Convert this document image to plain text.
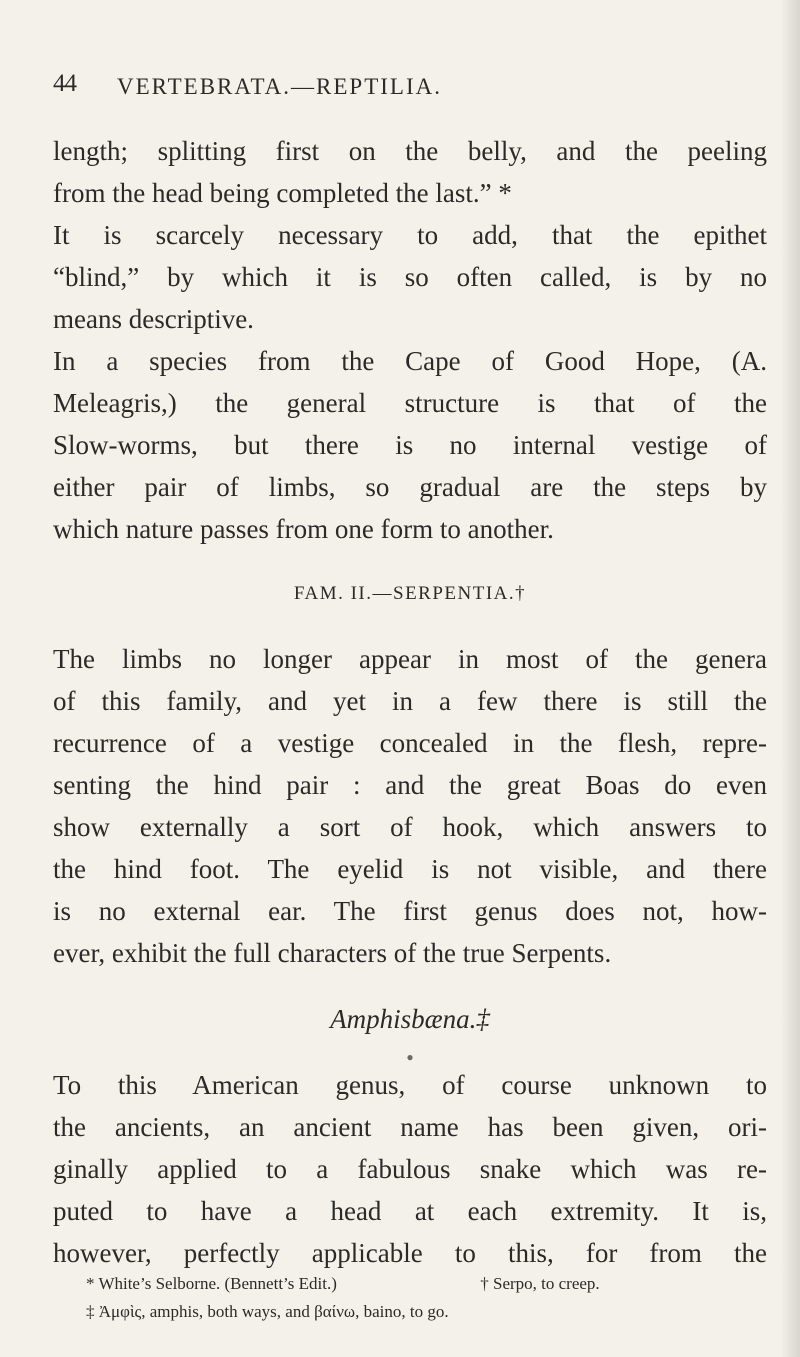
44 VERTEBRATA.—REPTILIA.
length; splitting first on the belly, and the peeling
from the head being completed the last.” *
It is scarcely necessary to add, that the epithet
“blind,” by which it is so often called, is by no
means descriptive.
In a species from the Cape of Good Hope, (A.
Meleagris,) the general structure is that of the
Slow-worms, but there is no internal vestige of
either pair of limbs, so gradual are the steps by
which nature passes from one form to another.
FAM. II.—SERPENTIA.†
The limbs no longer appear in most of the genera
of this family, and yet in a few there is still the
recurrence of a vestige concealed in the flesh, repre-
senting the hind pair : and the great Boas do even
show externally a sort of hook, which answers to
the hind foot. The eyelid is not visible, and there
is no external ear. The first genus does not, how-
ever, exhibit the full characters of the true Serpents.
Amphisbæna.‡
●
To this American genus, of course unknown to
the ancients, an ancient name has been given, ori-
ginally applied to a fabulous snake which was re-
puted to have a head at each extremity. It is,
however, perfectly applicable to this, for from the
* White’s Selborne. (Bennett’s Edit.)	† Serpo, to creep.
‡ Ἀμφὶς, amphis, both ways, and βαίνω, baino, to go.
